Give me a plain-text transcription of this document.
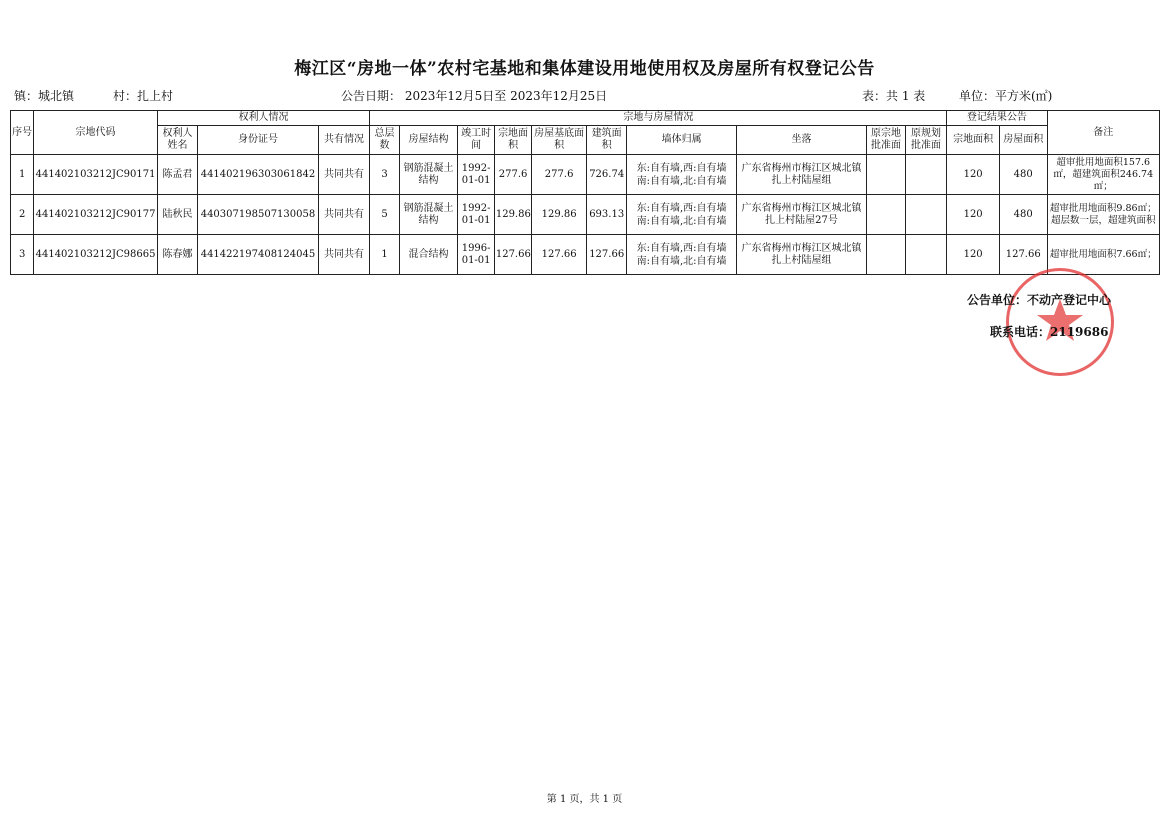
梅江区“房地一体”农村宅基地和集体建设用地使用权及房屋所有权登记公告
镇：城北镇	村：扎上村	公告日期： 2023年12月5日至 2023年12月25日	表：共 1 表	单位：平方米(㎡)
序号	宗地代码	权利人情况			宗地与房屋情况										登记结果公告		备注
		权利人姓名	身份证号	共有情况	总层数	房屋结构	竣工时间	宗地面积	房屋基底面积	建筑面积	墙体归属	坐落	原宗地批准面	原规划批准面	宗地面积	房屋面积	
1	441402103212JC90171	陈孟君	441402196303061842	共同共有	3	钢筋混凝土结构	1992-01-01	277.6	277.6	726.74	东:自有墙,西:自有墙
南:自有墙,北:自有墙	广东省梅州市梅江区城北镇扎上村陆屋组			120	480	超审批用地面积157.6㎡，超建筑面积246.74㎡；
2	441402103212JC90177	陆秋民	440307198507130058	共同共有	5	钢筋混凝土结构	1992-01-01	129.86	129.86	693.13	东:自有墙,西:自有墙
南:自有墙,北:自有墙	广东省梅州市梅江区城北镇扎上村陆屋27号			120	480	超审批用地面积9.86㎡；超层数一层，超建筑面积
3	441402103212JC98665	陈春娜	441422197408124045	共同共有	1	混合结构	1996-01-01	127.66	127.66	127.66	东:自有墙,西:自有墙
南:自有墙,北:自有墙	广东省梅州市梅江区城北镇扎上村陆屋组			120	127.66	超审批用地面积7.66㎡；
公告单位：不动产登记中心
联系电话：2119686
第 1 页，共 1 页
